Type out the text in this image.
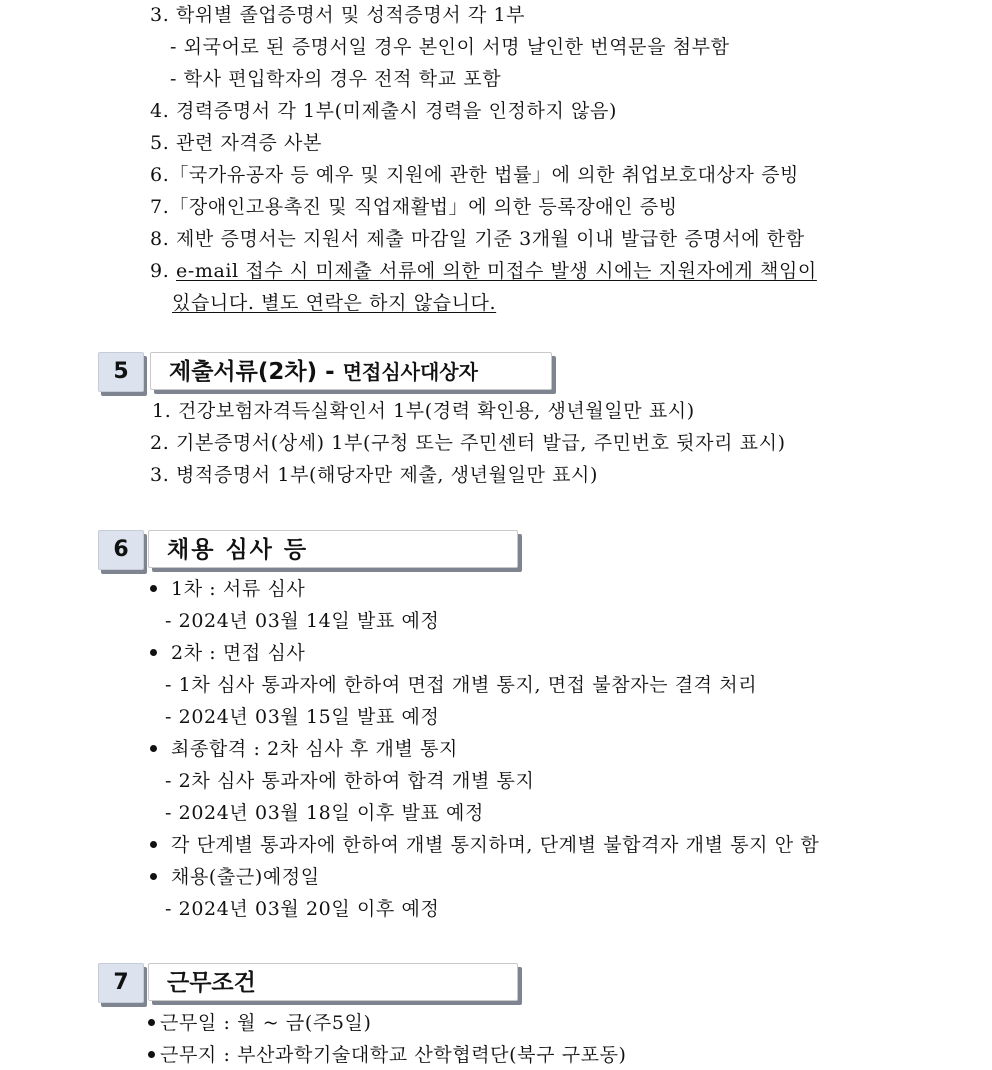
3. 학위별 졸업증명서 및 성적증명서 각 1부
- 외국어로 된 증명서일 경우 본인이 서명 날인한 번역문을 첨부함
- 학사 편입학자의 경우 전적 학교 포함
4. 경력증명서 각 1부(미제출시 경력을 인정하지 않음)
5. 관련 자격증 사본
6.「국가유공자 등 예우 및 지원에 관한 법률」에 의한 취업보호대상자 증빙
7.「장애인고용촉진 및 직업재활법」에 의한 등록장애인 증빙
8. 제반 증명서는 지원서 제출 마감일 기준 3개월 이내 발급한 증명서에 한함
9. e-mail 접수 시 미제출 서류에 의한 미접수 발생 시에는 지원자에게 책임이
있습니다. 별도 연락은 하지 않습니다.
5	제출서류(2차) - 면접심사대상자
1. 건강보험자격득실확인서 1부(경력 확인용, 생년월일만 표시)
2. 기본증명서(상세) 1부(구청 또는 주민센터 발급, 주민번호 뒷자리 표시)
3. 병적증명서 1부(해당자만 제출, 생년월일만 표시)
6	채용 심사 등
1차 : 서류 심사
- 2024년 03월 14일 발표 예정
2차 : 면접 심사
- 1차 심사 통과자에 한하여 면접 개별 통지, 면접 불참자는 결격 처리
- 2024년 03월 15일 발표 예정
최종합격 : 2차 심사 후 개별 통지
- 2차 심사 통과자에 한하여 합격 개별 통지
- 2024년 03월 18일 이후 발표 예정
각 단계별 통과자에 한하여 개별 통지하며, 단계별 불합격자 개별 통지 안 함
채용(출근)예정일
- 2024년 03월 20일 이후 예정
7	근무조건
근무일 : 월 ~ 금(주5일)
근무지 : 부산과학기술대학교 산학협력단(북구 구포동)
